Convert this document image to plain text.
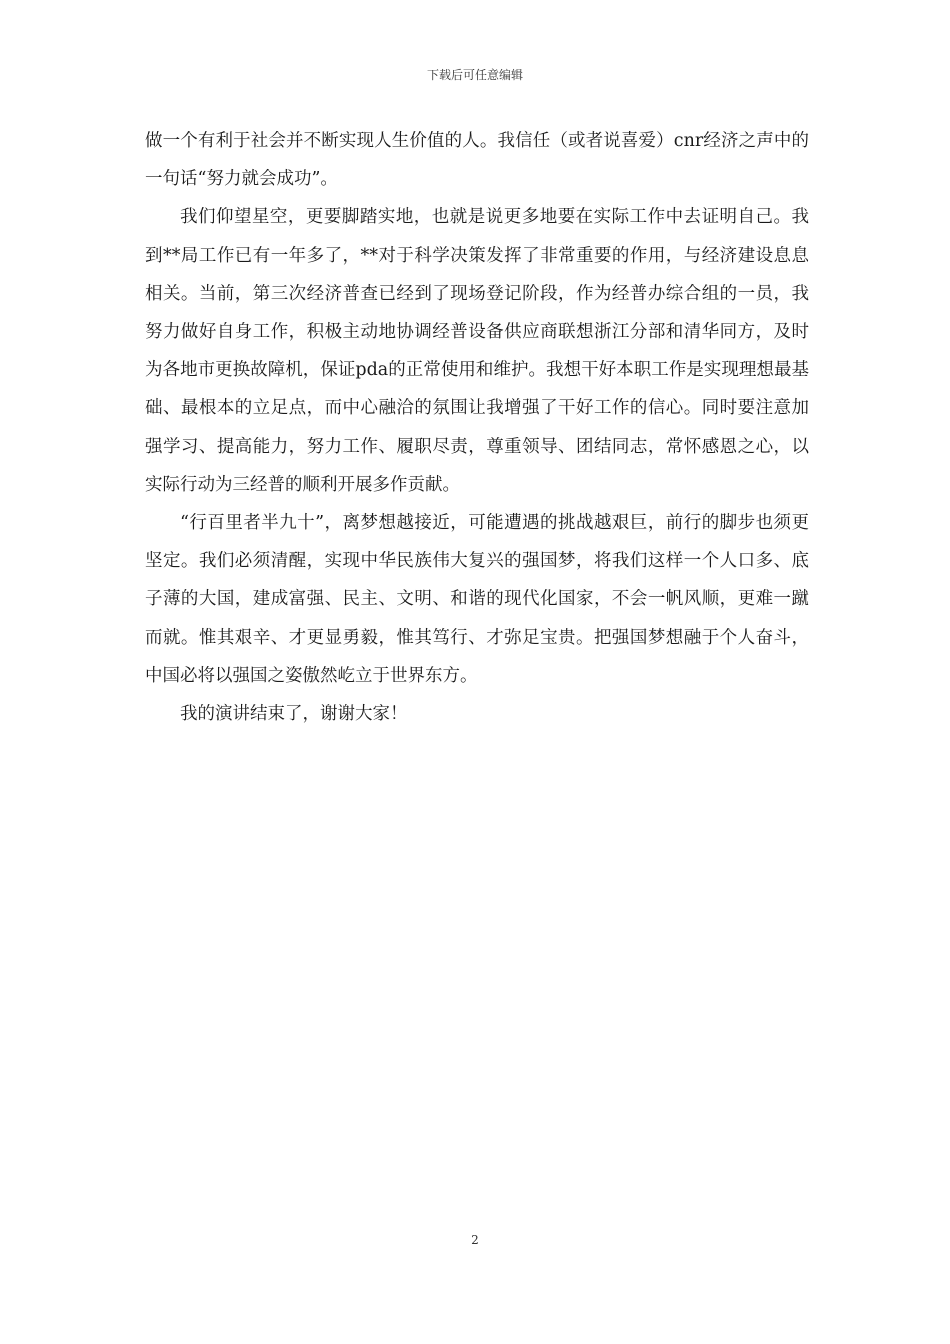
下载后可任意编辑

做一个有利于社会并不断实现人生价值的人。我信任（或者说喜爱）cnr经济之声中的一句话“努力就会成功”。

我们仰望星空，更要脚踏实地，也就是说更多地要在实际工作中去证明自己。我到**局工作已有一年多了，**对于科学决策发挥了非常重要的作用，与经济建设息息相关。当前，第三次经济普查已经到了现场登记阶段，作为经普办综合组的一员，我努力做好自身工作，积极主动地协调经普设备供应商联想浙江分部和清华同方，及时为各地市更换故障机，保证pda的正常使用和维护。我想干好本职工作是实现理想最基础、最根本的立足点，而中心融洽的氛围让我增强了干好工作的信心。同时要注意加强学习、提高能力，努力工作、履职尽责，尊重领导、团结同志，常怀感恩之心，以实际行动为三经普的顺利开展多作贡献。

“行百里者半九十”，离梦想越接近，可能遭遇的挑战越艰巨，前行的脚步也须更坚定。我们必须清醒，实现中华民族伟大复兴的强国梦，将我们这样一个人口多、底子薄的大国，建成富强、民主、文明、和谐的现代化国家，不会一帆风顺，更难一蹴而就。惟其艰辛、才更显勇毅，惟其笃行、才弥足宝贵。把强国梦想融于个人奋斗，中国必将以强国之姿傲然屹立于世界东方。

我的演讲结束了，谢谢大家！

2
